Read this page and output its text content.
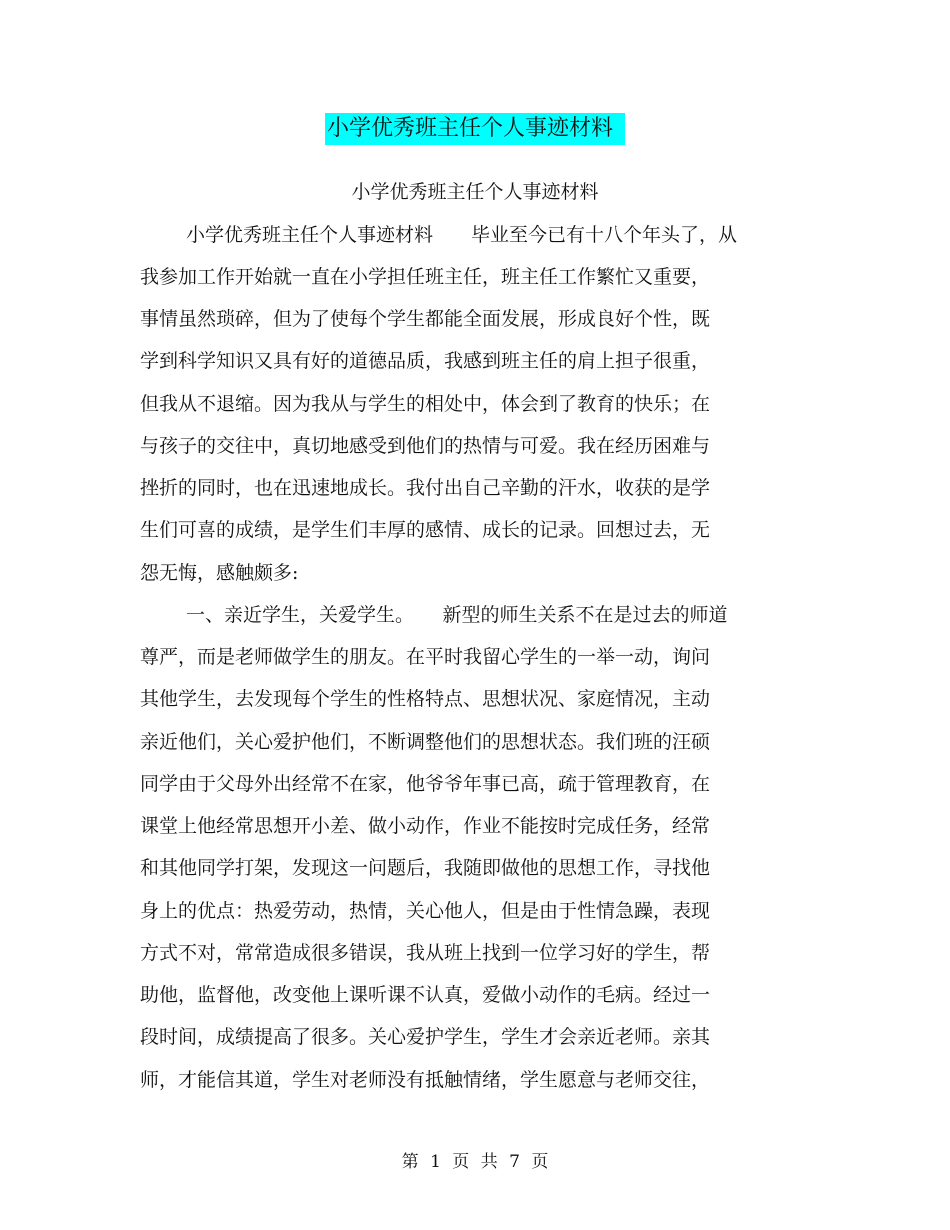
小学优秀班主任个人事迹材料
小学优秀班主任个人事迹材料
小学优秀班主任个人事迹材料　　毕业至今已有十八个年头了，从
我参加工作开始就一直在小学担任班主任，班主任工作繁忙又重要，
事情虽然琐碎，但为了使每个学生都能全面发展，形成良好个性，既
学到科学知识又具有好的道德品质，我感到班主任的肩上担子很重，
但我从不退缩。因为我从与学生的相处中，体会到了教育的快乐；在
与孩子的交往中，真切地感受到他们的热情与可爱。我在经历困难与
挫折的同时，也在迅速地成长。我付出自己辛勤的汗水，收获的是学
生们可喜的成绩，是学生们丰厚的感情、成长的记录。回想过去，无
怨无悔，感触颇多:
一、亲近学生，关爱学生。　　新型的师生关系不在是过去的师道
尊严，而是老师做学生的朋友。在平时我留心学生的一举一动，询问
其他学生，去发现每个学生的性格特点、思想状况、家庭情况，主动
亲近他们，关心爱护他们，不断调整他们的思想状态。我们班的汪硕
同学由于父母外出经常不在家，他爷爷年事已高，疏于管理教育，在
课堂上他经常思想开小差、做小动作，作业不能按时完成任务，经常
和其他同学打架，发现这一问题后，我随即做他的思想工作，寻找他
身上的优点：热爱劳动，热情，关心他人，但是由于性情急躁，表现
方式不对，常常造成很多错误，我从班上找到一位学习好的学生，帮
助他，监督他，改变他上课听课不认真，爱做小动作的毛病。经过一
段时间，成绩提高了很多。关心爱护学生，学生才会亲近老师。亲其
师，才能信其道，学生对老师没有抵触情绪，学生愿意与老师交往，
第 1 页 共 7 页
